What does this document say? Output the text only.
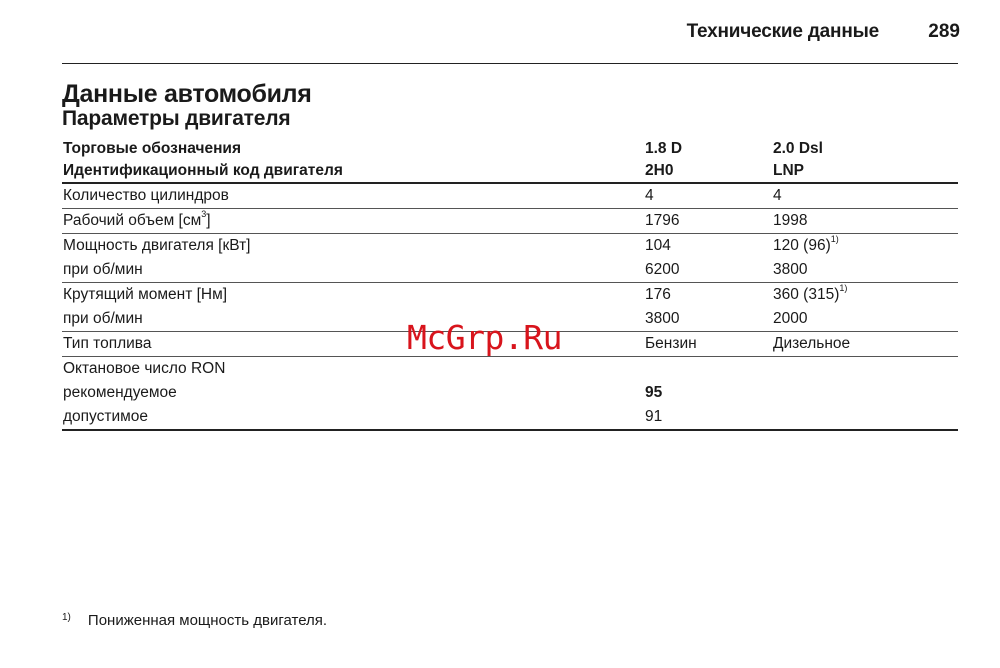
Технические данные	289
Данные автомобиля
Параметры двигателя
Торговые обозначения	1.8 D	2.0 Dsl
Идентификационный код двигателя	2H0	LNP
Количество цилиндров	4	4
Рабочий объем $[см^3]$	1796	1998
Мощность двигателя [кВт]	104	120 $(96)^{1)}$
при об/мин	6200	3800
Крутящий момент [Нм]	176	360 $(315)^{1)}$
при об/мин	3800	2000
Тип топлива	Бензин	Дизельное
Октановое число RON
рекомендуемое	95
допустимое	91
McGrp.Ru
$^{1)}$ Пониженная мощность двигателя.
